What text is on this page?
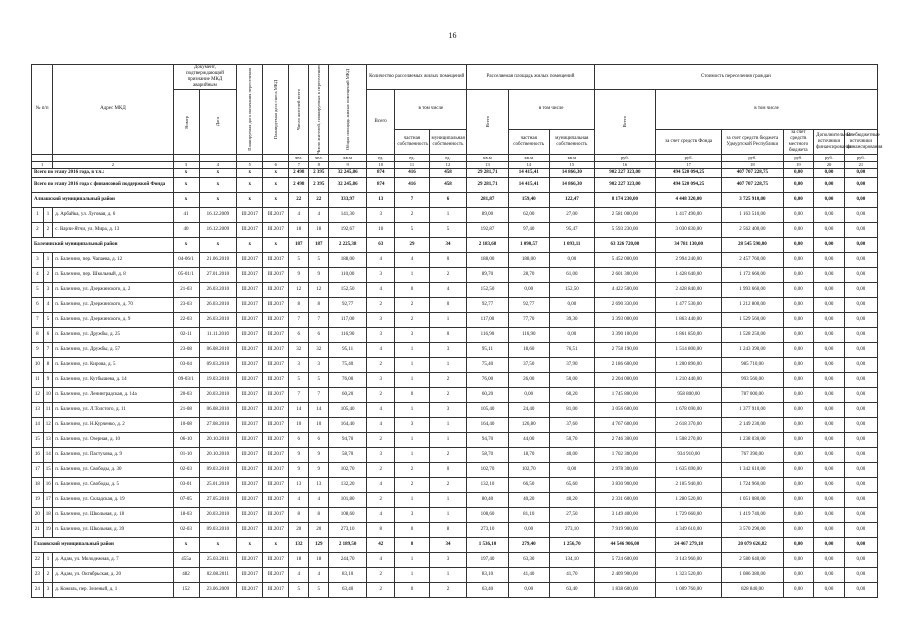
16
№ п/п		Адрес МКД	Документ, подтверждающий признание МКД аварийным		Планируемая дата окончания переселения	Планируемая дата сноса МКД	Число жителей всего	Число жителей, планируемых к переселению	Общая площадь жилых помещений МКД	Количество расселяемых жилых помещений			Расселяемая площадь жилых помещений			Стоимость переселения граждан					

			Номер	Дата						Всего	в том числе		Всего	в том числе		Всего	в том числе				
											частная собственность	муниципальная собственность		частная собственность	муниципальная собственность		за счет средств Фонда	за счет средств бюджета Удмуртской Республики	за счет средств местного бюджета	Дополнительные источники финансирования	Внебюджетные источники финансирования
							чел.	чел.	кв.м	ед.	ед.	ед.	кв.м	кв.м	кв.м	руб.	руб.	руб.	руб.	руб.	руб.
1		2	3	4	5	6	7	8	9	10	11	12	13	14	15	16	17	18	19	20	21
Всего по этапу 2016 года, в т.ч.:			х	х	х	х	2 498	2 395	32 245,86	874	416	458	29 281,71	14 415,41	14 866,30	902 227 323,00	494 520 094,25	407 707 228,75	0,00	0,00	0,00
Всего по этапу 2016 года с финансовой поддержкой Фонда			х	х	х	х	2 498	2 395	32 245,86	874	416	458	29 281,71	14 415,41	14 866,30	902 227 323,00	494 520 094,25	407 707 228,75	0,00	0,00	0,00
Алнашский муниципальный район			х	х	х	х	22	22	333,97	13	7	6	281,87	159,40	122,47	8 174 230,00	4 448 320,00	3 725 910,00	0,00	0,00	0,00
1	1	д. Арбайка, ул. Луговая, д. 6	41	16.12.2009	III.2017	III.2017	4	4	141,30	3	2	1	89,00	62,00	27,00	2 581 000,00	1 417 490,00	1 163 510,00	0,00	0,00	0,00
2	2	с. Варзи-Ятчи, ул. Мира, д. 13	40	16.12.2009	III.2017	III.2017	18	18	192,67	10	5	5	192,87	97,40	95,47	5 593 230,00	3 030 830,00	2 562 400,00	0,00	0,00	0,00
Балезинский муниципальный район			х	х	х	х	187	187	2 225,38	63	29	34	2 183,68	1 090,57	1 093,11	63 326 720,00	34 781 130,00	28 545 590,00	0,00	0,00	0,00
3	1	п. Балезино, пер. Чапаева, д. 12	04-06/1	21.06.2010	III.2017	III.2017	5	5	188,00	4	4	0	188,00	188,00	0,00	5 452 000,00	2 994 240,00	2 457 760,00	0,00	0,00	0,00
4	2	п. Балезино, пер. Школьный, д. 8	05-01/1	27.01.2010	III.2017	III.2017	9	9	110,00	3	1	2	89,70	28,70	61,00	2 601 300,00	1 428 640,00	1 172 660,00	0,00	0,00	0,00
5	3	п. Балезино, ул. Дзержинского, д. 2	21-03	26.03.2010	III.2017	III.2017	12	12	152,50	4	0	4	152,50	0,00	152,50	4 422 500,00	2 428 840,00	1 993 660,00	0,00	0,00	0,00
6	4	п. Балезино, ул. Дзержинского, д. 70	23-03	26.03.2010	III.2017	III.2017	8	8	92,77	2	2	0	92,77	92,77	0,00	2 690 330,00	1 477 530,00	1 212 800,00	0,00	0,00	0,00
7	5	п. Балезино, ул. Дзержинского, д. 9	22-03	26.03.2010	III.2017	III.2017	7	7	117,00	3	2	1	117,00	77,70	39,30	3 393 000,00	1 863 440,00	1 529 560,00	0,00	0,00	0,00
8	6	п. Балезино, ул. Дружбы, д. 25	02-11	11.11.2010	III.2017	III.2017	6	6	116,90	3	3	0	116,90	116,90	0,00	3 390 100,00	1 861 850,00	1 528 250,00	0,00	0,00	0,00
9	7	п. Балезино, ул. Дружбы, д. 57	23-08	06.08.2010	III.2017	III.2017	32	32	95,11	4	1	3	95,11	18,60	76,51	2 758 190,00	1 514 800,00	1 243 390,00	0,00	0,00	0,00
10	8	п. Балезино, ул. Кирова, д. 5	03-04	09.03.2010	III.2017	III.2017	3	3	75,40	2	1	1	75,40	37,50	37,90	2 186 600,00	1 200 890,00	985 710,00	0,00	0,00	0,00
11	9	п. Балезино, ул. Кутбышева, д. 14	09-03/1	19.03.2010	III.2017	III.2017	5	5	76,00	3	1	2	76,00	26,00	50,00	2 204 000,00	1 210 440,00	993 560,00	0,00	0,00	0,00
12	10	п. Балезино, ул. Ленинградская, д. 14а	20-03	20.03.2010	III.2017	III.2017	7	7	60,20	2	0	2	60,20	0,00	60,20	1 745 800,00	958 800,00	787 000,00	0,00	0,00	0,00
13	11	п. Балезино, ул. Л.Толстого, д. 11	21-08	06.08.2010	III.2017	III.2017	14	14	105,40	4	1	3	105,40	24,40	81,00	3 056 600,00	1 678 690,00	1 377 910,00	0,00	0,00	0,00
14	12	п. Балезино, ул. Н.Курченко, д. 2	10-08	27.08.2010	III.2017	III.2017	10	10	164,40	4	3	1	164,40	126,80	37,60	4 767 600,00	2 618 370,00	2 149 230,00	0,00	0,00	0,00
15	13	п. Балезино, ул. Озерная, д. 10	06-10	20.10.2010	III.2017	III.2017	6	6	94,70	2	1	1	94,70	44,00	50,70	2 746 300,00	1 508 270,00	1 238 030,00	0,00	0,00	0,00
16	14	п. Балезино, ул. Пастухова, д. 9	01-10	20.10.2010	III.2017	III.2017	9	9	58,70	3	1	2	58,70	18,70	40,00	1 702 300,00	934 910,00	767 390,00	0,00	0,00	0,00
17	15	п. Балезино, ул. Свободы, д. 30	02-03	09.03.2010	III.2017	III.2017	9	9	102,70	2	2	0	102,70	102,70	0,00	2 978 300,00	1 635 690,00	1 342 610,00	0,00	0,00	0,00
18	16	п. Балезино, ул. Свободы, д. 5	03-01	25.01.2010	III.2017	III.2017	13	13	132,20	4	2	2	132,10	66,50	65,60	3 830 900,00	2 105 940,00	1 724 960,00	0,00	0,00	0,00
19	17	п. Балезино, ул. Складская, д. 19	07-05	27.05.2010	III.2017	III.2017	4	4	101,80	2	1	1	80,40	40,20	40,20	2 331 600,00	1 280 520,00	1 051 080,00	0,00	0,00	0,00
20	18	п. Балезино, ул. Школьная, д. 18	18-03	20.03.2010	III.2017	III.2017	8	8	108,60	4	3	1	108,60	81,10	27,50	3 149 400,00	1 729 660,00	1 419 740,00	0,00	0,00	0,00
21	19	п. Балезино, ул. Школьная, д. 39	02-03	09.03.2010	III.2017	III.2017	20	20	273,10	8	0	8	273,10	0,00	273,10	7 919 900,00	4 349 610,00	3 570 290,00	0,00	0,00	0,00
Глазовский муниципальный район			х	х	х	х	132	129	2 189,50	42	8	34	1 536,10	279,40	1 256,70	44 546 906,00	24 467 279,18	20 079 626,82	0,00	0,00	0,00
22	1	д. Адам, ул. Молодежная, д. 7	455а	25.03.2011	III.2017	III.2017	18	18	244,70	4	1	3	197,40	63,30	134,10	5 724 600,00	3 143 960,00	2 580 640,00	0,00	0,00	0,00
23	2	д. Адам, ул. Октябрьская, д. 20	482	02.08.2011	III.2017	III.2017	4	4	83,10	2	1	1	83,10	41,40	41,70	2 409 900,00	1 323 520,00	1 086 380,00	0,00	0,00	0,00
24	3	д. Кожиль, пер. Зеленый, д. 1	152	23.06.2009	III.2017	III.2017	5	5	63,40	2	0	2	63,40	0,00	63,40	1 838 600,00	1 009 760,00	828 840,00	0,00	0,00	0,00
